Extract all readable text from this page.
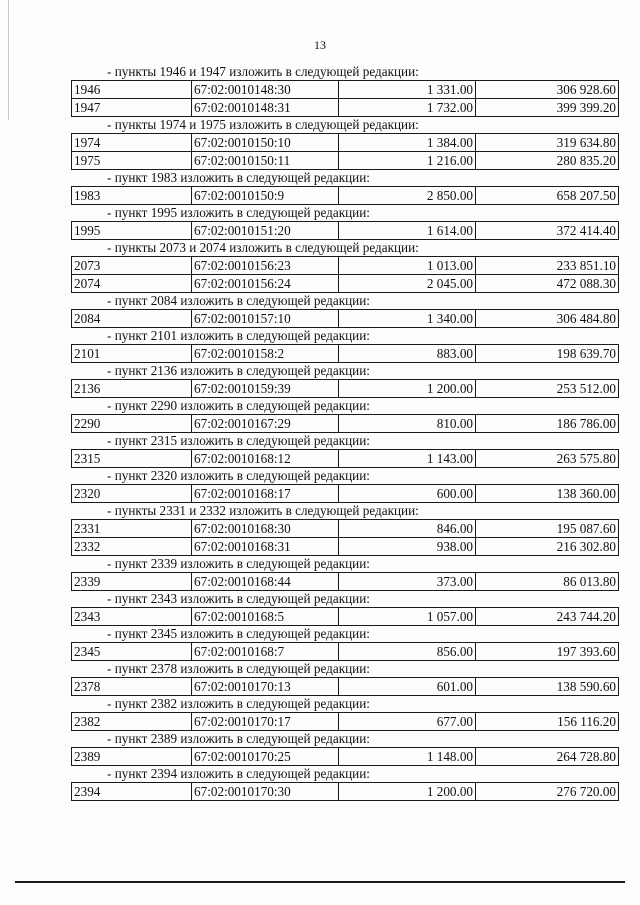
13
- пункты 1946 и 1947 изложить в следующей редакции:
1946	67:02:0010148:30	1 331.00	306 928.60
1947	67:02:0010148:31	1 732.00	399 399.20
- пункты 1974 и 1975 изложить в следующей редакции:
1974	67:02:0010150:10	1 384.00	319 634.80
1975	67:02:0010150:11	1 216.00	280 835.20
- пункт 1983 изложить в следующей редакции:
1983	67:02:0010150:9	2 850.00	658 207.50
- пункт 1995 изложить в следующей редакции:
1995	67:02:0010151:20	1 614.00	372 414.40
- пункты 2073 и 2074 изложить в следующей редакции:
2073	67:02:0010156:23	1 013.00	233 851.10
2074	67:02:0010156:24	2 045.00	472 088.30
- пункт 2084 изложить в следующей редакции:
2084	67:02:0010157:10	1 340.00	306 484.80
- пункт 2101 изложить в следующей редакции:
2101	67:02:0010158:2	883.00	198 639.70
- пункт 2136 изложить в следующей редакции:
2136	67:02:0010159:39	1 200.00	253 512.00
- пункт 2290 изложить в следующей редакции:
2290	67:02:0010167:29	810.00	186 786.00
- пункт 2315 изложить в следующей редакции:
2315	67:02:0010168:12	1 143.00	263 575.80
- пункт 2320 изложить в следующей редакции:
2320	67:02:0010168:17	600.00	138 360.00
- пункты 2331 и 2332 изложить в следующей редакции:
2331	67:02:0010168:30	846.00	195 087.60
2332	67:02:0010168:31	938.00	216 302.80
- пункт 2339 изложить в следующей редакции:
2339	67:02:0010168:44	373.00	86 013.80
- пункт 2343 изложить в следующей редакции:
2343	67:02:0010168:5	1 057.00	243 744.20
- пункт 2345 изложить в следующей редакции:
2345	67:02:0010168:7	856.00	197 393.60
- пункт 2378 изложить в следующей редакции:
2378	67:02:0010170:13	601.00	138 590.60
- пункт 2382 изложить в следующей редакции:
2382	67:02:0010170:17	677.00	156 116.20
- пункт 2389 изложить в следующей редакции:
2389	67:02:0010170:25	1 148.00	264 728.80
- пункт 2394 изложить в следующей редакции:
2394	67:02:0010170:30	1 200.00	276 720.00
